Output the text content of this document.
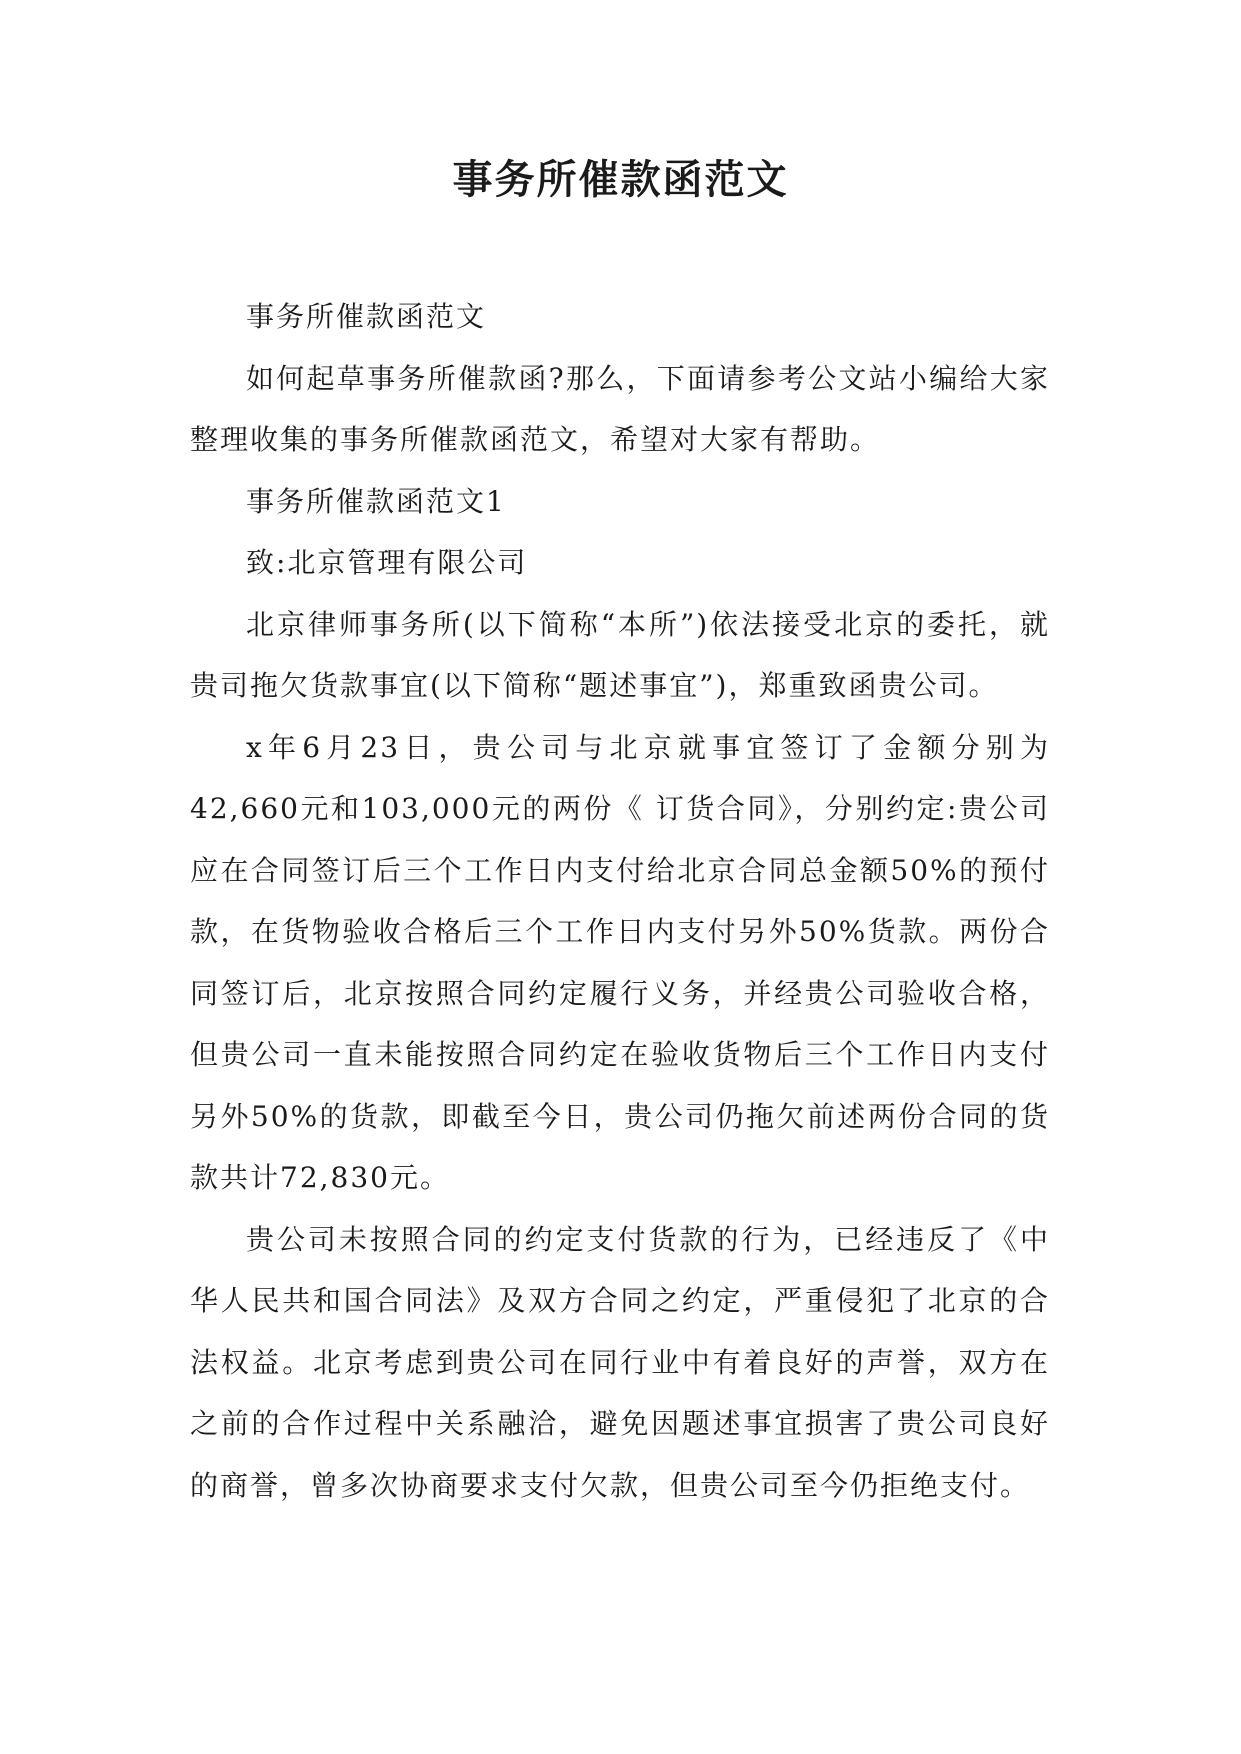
事务所催款函范文

事务所催款函范文

如何起草事务所催款函?那么，下面请参考公文站小编给大家整理收集的事务所催款函范文，希望对大家有帮助。

事务所催款函范文1

致:北京管理有限公司

北京律师事务所(以下简称“本所”)依法接受北京的委托，就贵司拖欠货款事宜(以下简称“题述事宜”)，郑重致函贵公司。

x年6月23日，贵公司与北京就事宜签订了金额分别为42,660元和103,000元的两份《 订货合同》，分别约定:贵公司应在合同签订后三个工作日内支付给北京合同总金额50%的预付款，在货物验收合格后三个工作日内支付另外50%货款。两份合同签订后，北京按照合同约定履行义务，并经贵公司验收合格，但贵公司一直未能按照合同约定在验收货物后三个工作日内支付另外50%的货款，即截至今日，贵公司仍拖欠前述两份合同的货款共计72,830元。

贵公司未按照合同的约定支付货款的行为，已经违反了《中华人民共和国合同法》及双方合同之约定，严重侵犯了北京的合法权益。北京考虑到贵公司在同行业中有着良好的声誉，双方在之前的合作过程中关系融洽，避免因题述事宜损害了贵公司良好的商誉，曾多次协商要求支付欠款，但贵公司至今仍拒绝支付。
